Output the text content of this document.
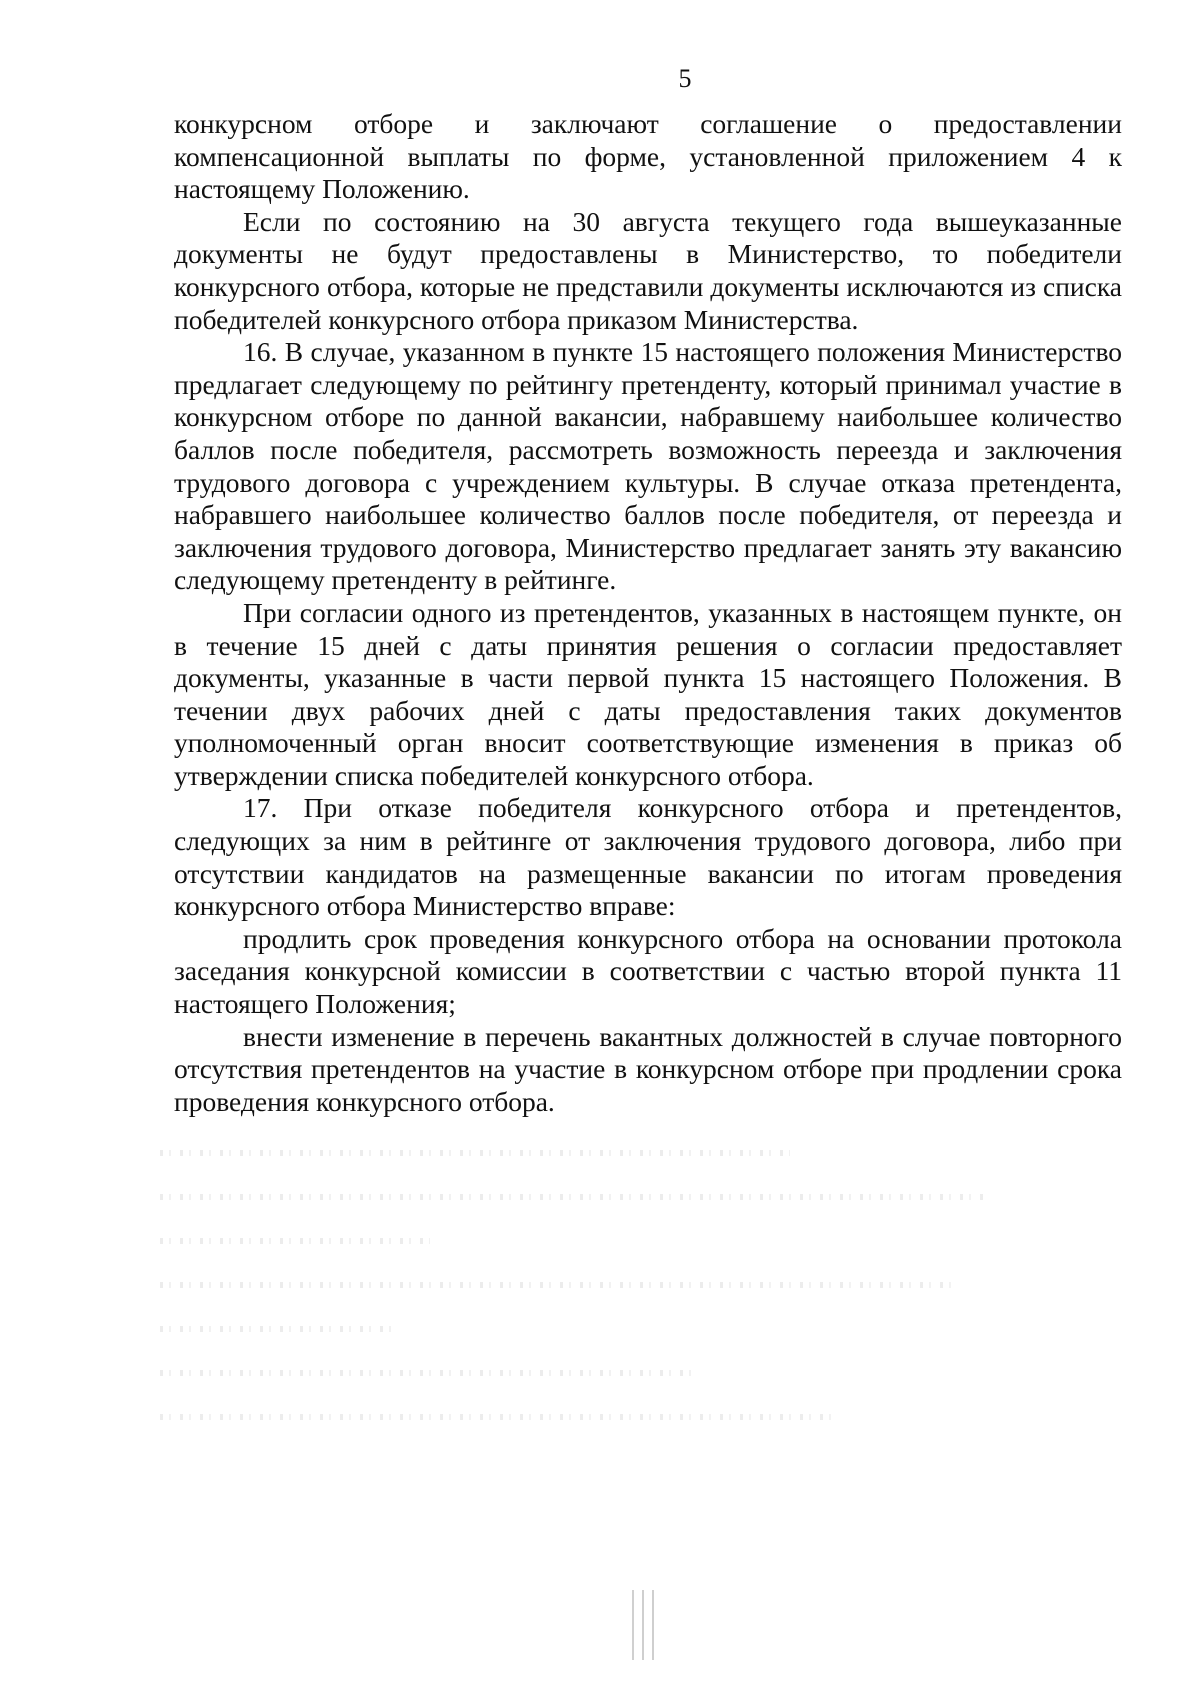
5

конкурсном отборе и заключают соглашение о предоставлении компенсационной выплаты по форме, установленной приложением 4 к настоящему Положению.

Если по состоянию на 30 августа текущего года вышеуказанные документы не будут предоставлены в Министерство, то победители конкурсного отбора, которые не представили документы исключаются из списка победителей конкурсного отбора приказом Министерства.

16. В случае, указанном в пункте 15 настоящего положения Министерство предлагает следующему по рейтингу претенденту, который принимал участие в конкурсном отборе по данной вакансии, набравшему наибольшее количество баллов после победителя, рассмотреть возможность переезда и заключения трудового договора с учреждением культуры. В случае отказа претендента, набравшего наибольшее количество баллов после победителя, от переезда и заключения трудового договора, Министерство предлагает занять эту вакансию следующему претенденту в рейтинге.

При согласии одного из претендентов, указанных в настоящем пункте, он в течение 15 дней с даты принятия решения о согласии предоставляет документы, указанные в части первой пункта 15 настоящего Положения. В течении двух рабочих дней с даты предоставления таких документов уполномоченный орган вносит соответствующие изменения в приказ об утверждении списка победителей конкурсного отбора.

17. При отказе победителя конкурсного отбора и претендентов, следующих за ним в рейтинге от заключения трудового договора, либо при отсутствии кандидатов на размещенные вакансии по итогам проведения конкурсного отбора Министерство вправе:

продлить срок проведения конкурсного отбора на основании протокола заседания конкурсной комиссии в соответствии с частью второй пункта 11 настоящего Положения;

внести изменение в перечень вакантных должностей в случае повторного отсутствия претендентов на участие в конкурсном отборе при продлении срока проведения конкурсного отбора.
